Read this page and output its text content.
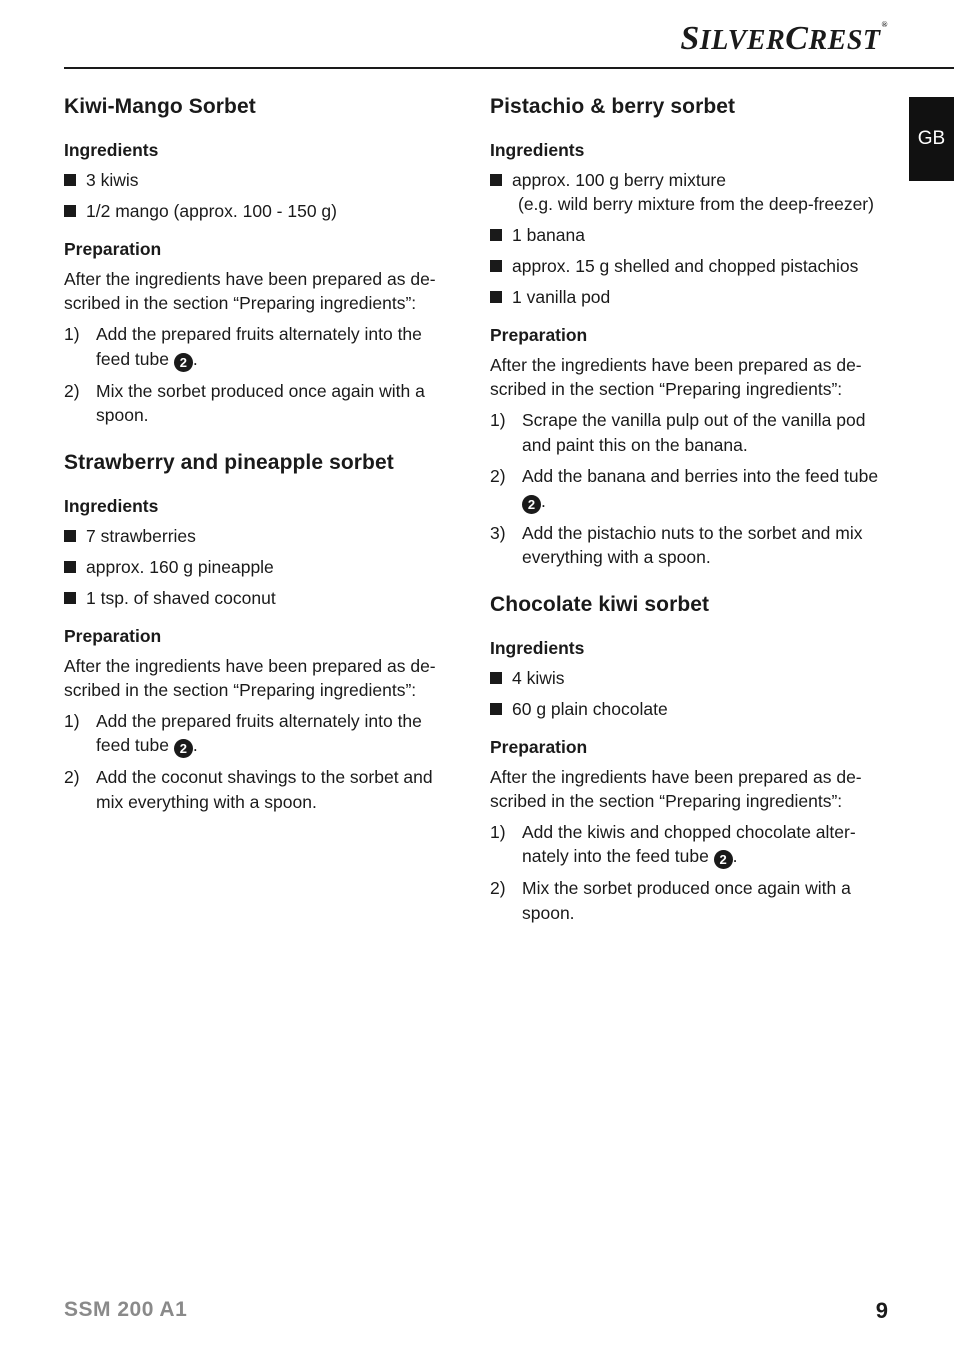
SILVERCREST®
GB
Kiwi-Mango Sorbet
Ingredients
3 kiwis
1/2 mango (approx. 100 - 150 g)
Preparation

After the ingredients have been prepared as de-scribed in the section “Preparing ingredients”:

1) Add the prepared fruits alternately into the feed tube 2 .
2) Mix the sorbet produced once again with a spoon.
Strawberry and pineapple sorbet
Ingredients
7 strawberries
approx. 160 g pineapple
1 tsp. of shaved coconut
Preparation

After the ingredients have been prepared as de-scribed in the section “Preparing ingredients”:

1) Add the prepared fruits alternately into the feed tube 2 .
2) Add the coconut shavings to the sorbet and mix everything with a spoon.
Pistachio & berry sorbet
Ingredients
approx. 100 g berry mixture
(e.g. wild berry mixture from the deep-freezer)
1 banana
approx. 15 g shelled and chopped pistachios
1 vanilla pod
Preparation

After the ingredients have been prepared as de-scribed in the section “Preparing ingredients”:

1) Scrape the vanilla pulp out of the vanilla pod and paint this on the banana.
2) Add the banana and berries into the feed tube 2 .
3) Add the pistachio nuts to the sorbet and mix everything with a spoon.
Chocolate kiwi sorbet
Ingredients
4 kiwis
60 g plain chocolate
Preparation

After the ingredients have been prepared as de-scribed in the section “Preparing ingredients”:

1) Add the kiwis and chopped chocolate alter-nately into the feed tube 2 .
2) Mix the sorbet produced once again with a spoon.
SSM 200 A1	9
